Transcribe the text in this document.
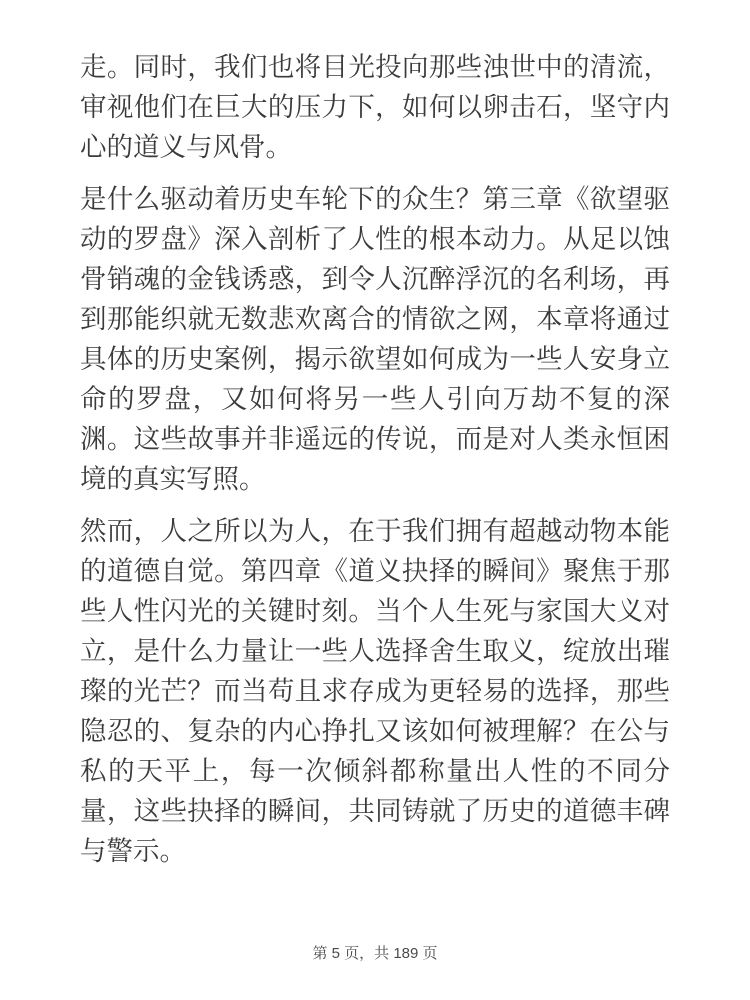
走。同时，我们也将目光投向那些浊世中的清流，审视他们在巨大的压力下，如何以卵击石，坚守内心的道义与风骨。

是什么驱动着历史车轮下的众生？第三章《欲望驱动的罗盘》深入剖析了人性的根本动力。从足以蚀骨销魂的金钱诱惑，到令人沉醉浮沉的名利场，再到那能织就无数悲欢离合的情欲之网，本章将通过具体的历史案例，揭示欲望如何成为一些人安身立命的罗盘，又如何将另一些人引向万劫不复的深渊。这些故事并非遥远的传说，而是对人类永恒困境的真实写照。

然而，人之所以为人，在于我们拥有超越动物本能的道德自觉。第四章《道义抉择的瞬间》聚焦于那些人性闪光的关键时刻。当个人生死与家国大义对立，是什么力量让一些人选择舍生取义，绽放出璀璨的光芒？而当苟且求存成为更轻易的选择，那些隐忍的、复杂的内心挣扎又该如何被理解？在公与私的天平上，每一次倾斜都称量出人性的不同分量，这些抉择的瞬间，共同铸就了历史的道德丰碑与警示。

第 5 页，共 189 页
